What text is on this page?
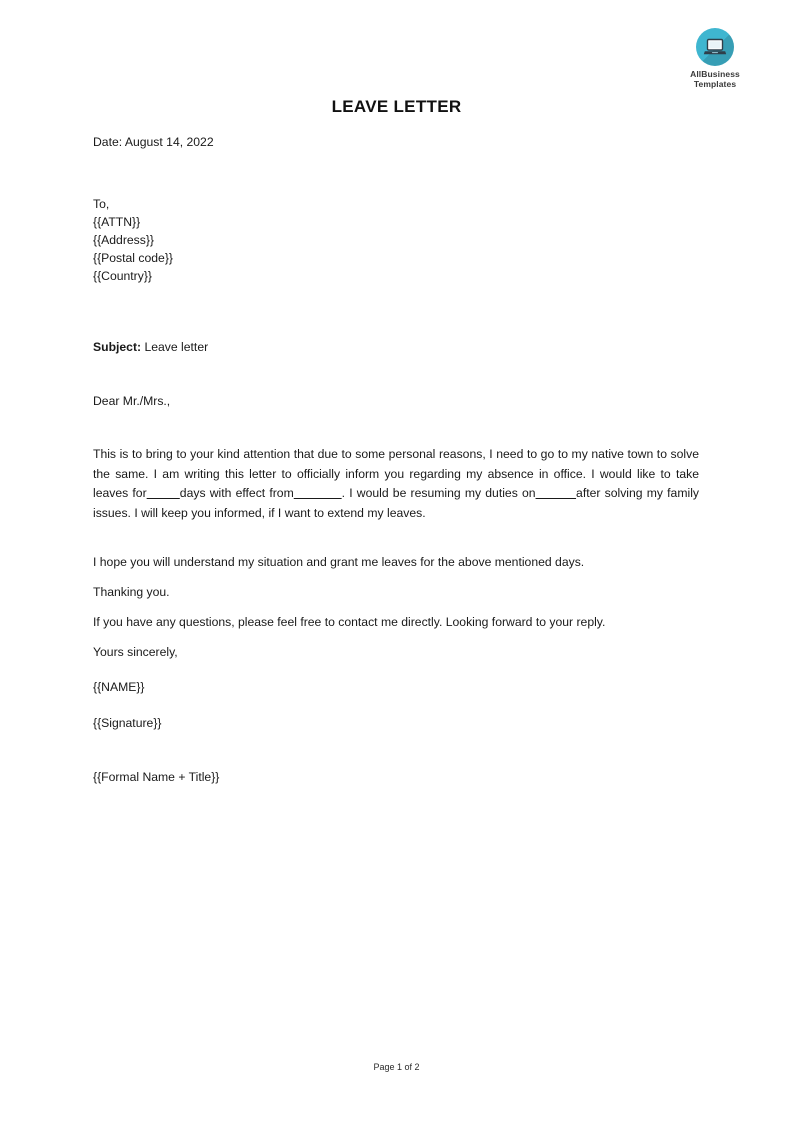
AllBusiness
Templates
LEAVE LETTER
Date: August 14, 2022
To,
{{ATTN}}
{{Address}}
{{Postal code}}
{{Country}}
Subject: Leave letter
Dear Mr./Mrs.,

This is to bring to your kind attention that due to some personal reasons, I need to go to my native town to solve the same. I am writing this letter to officially inform you regarding my absence in office. I would like to take leaves for	days with effect from	. I would be resuming my duties on	after solving my family issues. I will keep you informed, if I want to extend my leaves.

I hope you will understand my situation and grant me leaves for the above mentioned days.

Thanking you.

If you have any questions, please feel free to contact me directly. Looking forward to your reply.

Yours sincerely,

{{NAME}}

{{Signature}}

{{Formal Name + Title}}

Page 1 of 2
